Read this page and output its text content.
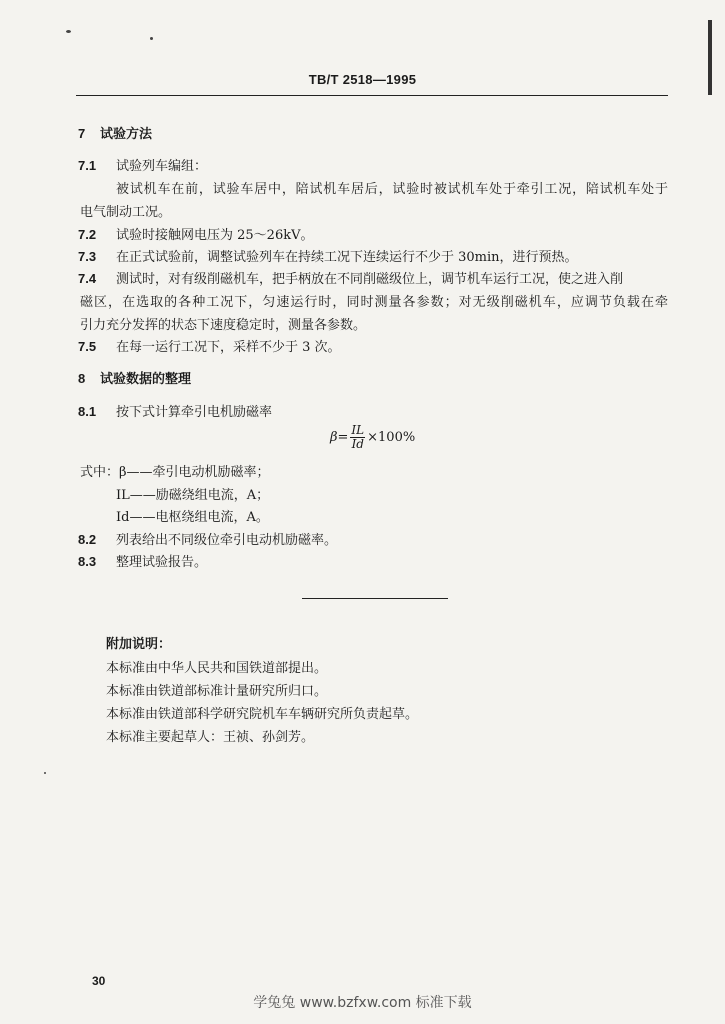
TB/T 2518—1995
7 试验方法
7.1 试验列车编组：
被试机车在前，试验车居中，陪试机车居后，试验时被试机车处于牵引工况，陪试机车处于
电气制动工况。
7.2 试验时接触网电压为 25～26kV。
7.3 在正式试验前，调整试验列车在持续工况下连续运行不少于 30min，进行预热。
7.4 测试时，对有级削磁机车，把手柄放在不同削磁级位上，调节机车运行工况，使之进入削
磁区，在选取的各种工况下，匀速运行时，同时测量各参数；对无级削磁机车，应调节负载在牵
引力充分发挥的状态下速度稳定时，测量各参数。
7.5 在每一运行工况下，采样不少于 3 次。
8 试验数据的整理
8.1 按下式计算牵引电机励磁率
$\beta= \frac{IL}{Id} \times 100\%$
式中：β——牵引电动机励磁率；
IL——励磁绕组电流，A；
Id——电枢绕组电流，A。
8.2 列表给出不同级位牵引电动机励磁率。
8.3 整理试验报告。
附加说明：
本标准由中华人民共和国铁道部提出。
本标准由铁道部标准计量研究所归口。
本标准由铁道部科学研究院机车车辆研究所负责起草。
本标准主要起草人：王祯、孙剑芳。
30
学兔兔 www.bzfxw.com 标准下载
